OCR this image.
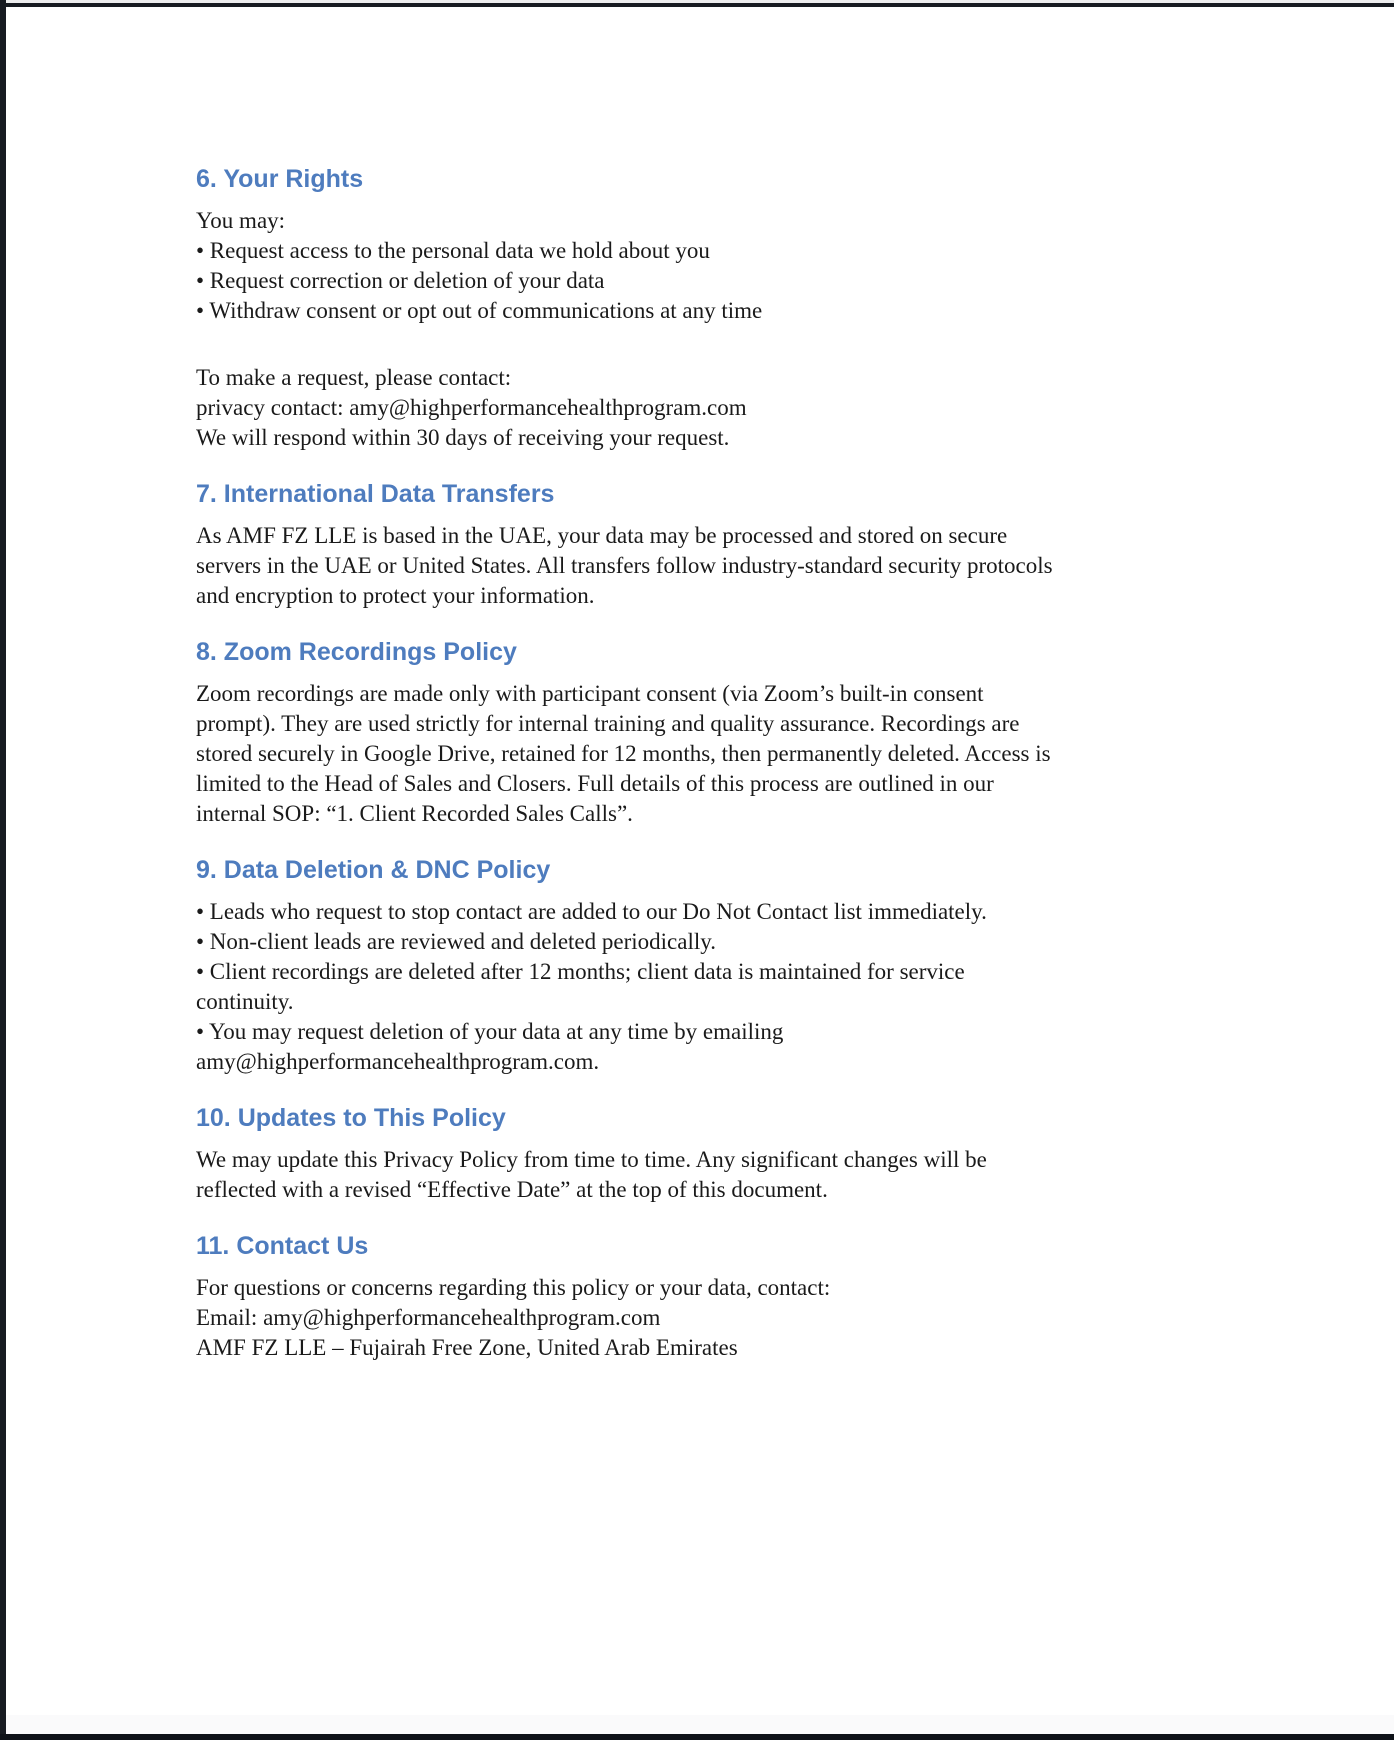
6. Your Rights
You may:
• Request access to the personal data we hold about you
• Request correction or deletion of your data
• Withdraw consent or opt out of communications at any time
To make a request, please contact:
privacy contact: amy@highperformancehealthprogram.com
We will respond within 30 days of receiving your request.
7. International Data Transfers
As AMF FZ LLE is based in the UAE, your data may be processed and stored on secure
servers in the UAE or United States. All transfers follow industry-standard security protocols
and encryption to protect your information.
8. Zoom Recordings Policy
Zoom recordings are made only with participant consent (via Zoom’s built-in consent
prompt). They are used strictly for internal training and quality assurance. Recordings are
stored securely in Google Drive, retained for 12 months, then permanently deleted. Access is
limited to the Head of Sales and Closers. Full details of this process are outlined in our
internal SOP: “1. Client Recorded Sales Calls”.
9. Data Deletion & DNC Policy
• Leads who request to stop contact are added to our Do Not Contact list immediately.
• Non-client leads are reviewed and deleted periodically.
• Client recordings are deleted after 12 months; client data is maintained for service
continuity.
• You may request deletion of your data at any time by emailing
amy@highperformancehealthprogram.com.
10. Updates to This Policy
We may update this Privacy Policy from time to time. Any significant changes will be
reflected with a revised “Effective Date” at the top of this document.
11. Contact Us
For questions or concerns regarding this policy or your data, contact:
Email: amy@highperformancehealthprogram.com
AMF FZ LLE – Fujairah Free Zone, United Arab Emirates
